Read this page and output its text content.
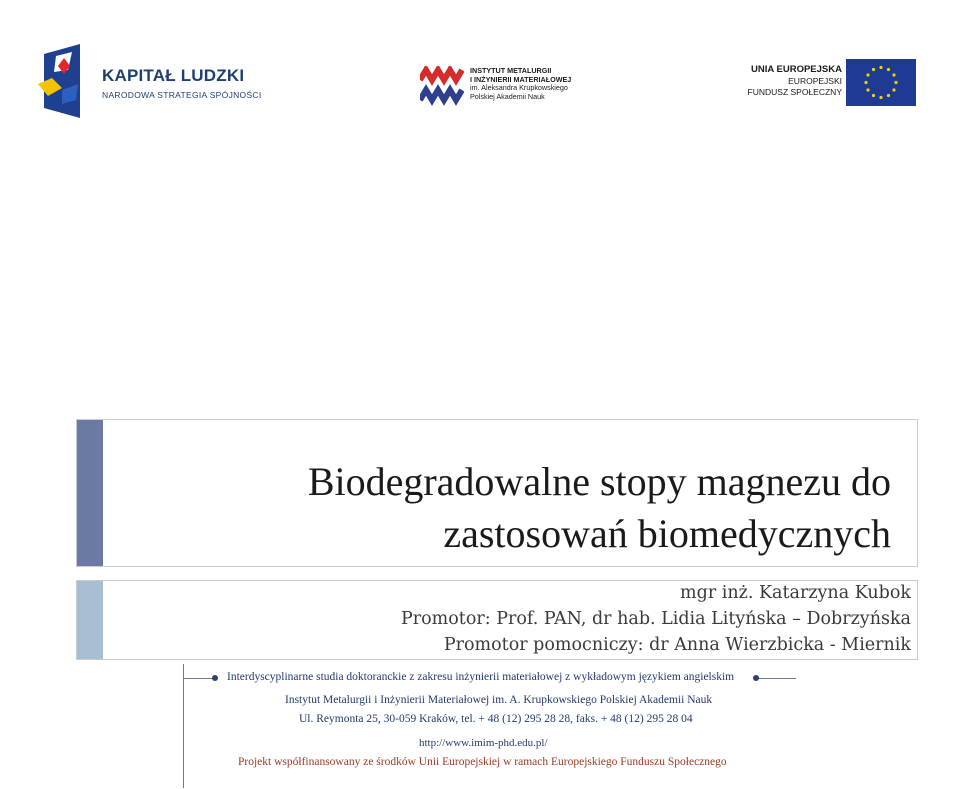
KAPITAŁ LUDZKI
NARODOWA STRATEGIA SPÓJNOŚCI
INSTYTUT METALURGII
I INŻYNIERII MATERIAŁOWEJ
im. Aleksandra Krupkowskiego
Polskiej Akademii Nauk
UNIA EUROPEJSKA
EUROPEJSKI
FUNDUSZ SPOŁECZNY
Biodegradowalne stopy magnezu do
zastosowań biomedycznych
mgr inż. Katarzyna Kubok
Promotor: Prof. PAN, dr hab. Lidia Lityńska – Dobrzyńska
Promotor pomocniczy: dr Anna Wierzbicka - Miernik
Interdyscyplinarne studia doktoranckie z zakresu inżynierii materiałowej z wykładowym językiem angielskim
Instytut Metalurgii i Inżynierii Materiałowej im. A. Krupkowskiego Polskiej Akademii Nauk
Ul. Reymonta 25, 30-059 Kraków, tel. + 48 (12) 295 28 28, faks. + 48 (12) 295 28 04
http://www.imim-phd.edu.pl/
Projekt współfinansowany ze środków Unii Europejskiej w ramach Europejskiego Funduszu Społecznego
